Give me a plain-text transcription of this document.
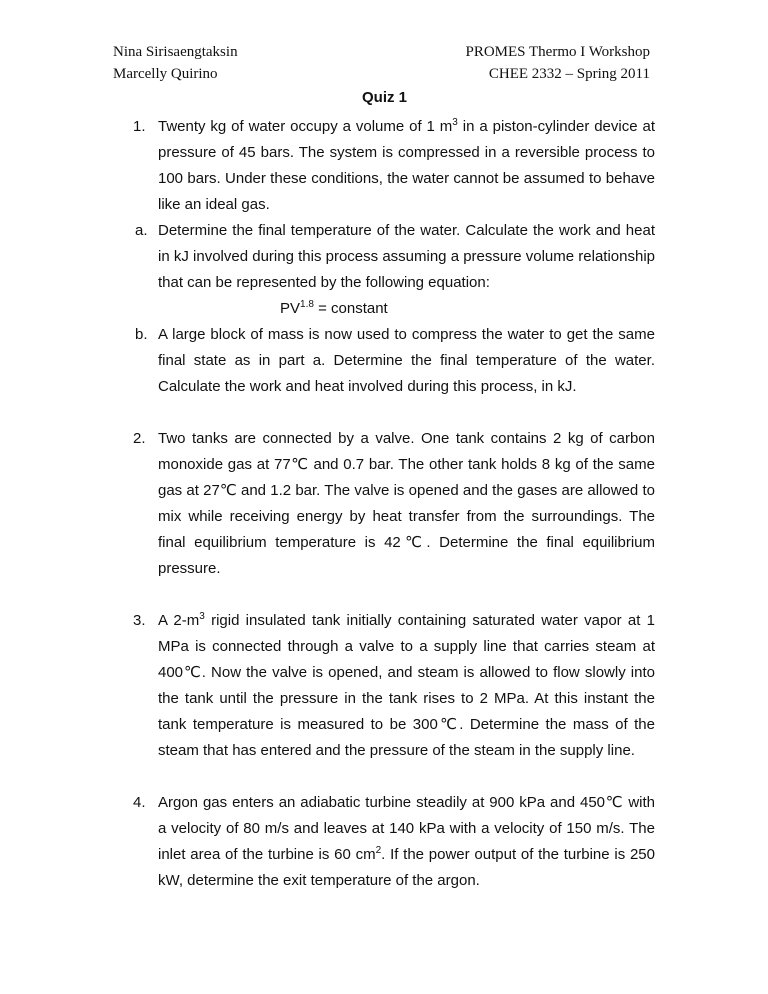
Nina Sirisaengtaksin
Marcelly Quirino
PROMES Thermo I Workshop
CHEE 2332 – Spring 2011
Quiz 1
1. Twenty kg of water occupy a volume of 1 $m^3$ in a piston-cylinder device at pressure of 45 bars. The system is compressed in a reversible process to 100 bars. Under these conditions, the water cannot be assumed to behave like an ideal gas.
a. Determine the final temperature of the water. Calculate the work and heat in kJ involved during this process assuming a pressure volume relationship that can be represented by the following equation:
$PV^{1.8}$ = constant
b. A large block of mass is now used to compress the water to get the same final state as in part a. Determine the final temperature of the water. Calculate the work and heat involved during this process, in kJ.
2. Two tanks are connected by a valve. One tank contains 2 kg of carbon monoxide gas at 77℃ and 0.7 bar. The other tank holds 8 kg of the same gas at 27℃ and 1.2 bar. The valve is opened and the gases are allowed to mix while receiving energy by heat transfer from the surroundings. The final equilibrium temperature is 42℃. Determine the final equilibrium pressure.
3. A $2-m^3$ rigid insulated tank initially containing saturated water vapor at 1 MPa is connected through a valve to a supply line that carries steam at 400℃. Now the valve is opened, and steam is allowed to flow slowly into the tank until the pressure in the tank rises to 2 MPa. At this instant the tank temperature is measured to be 300℃. Determine the mass of the steam that has entered and the pressure of the steam in the supply line.
4. Argon gas enters an adiabatic turbine steadily at 900 kPa and 450℃ with a velocity of 80 m/s and leaves at 140 kPa with a velocity of 150 m/s. The inlet area of the turbine is 60 $cm^2$. If the power output of the turbine is 250 kW, determine the exit temperature of the argon.
